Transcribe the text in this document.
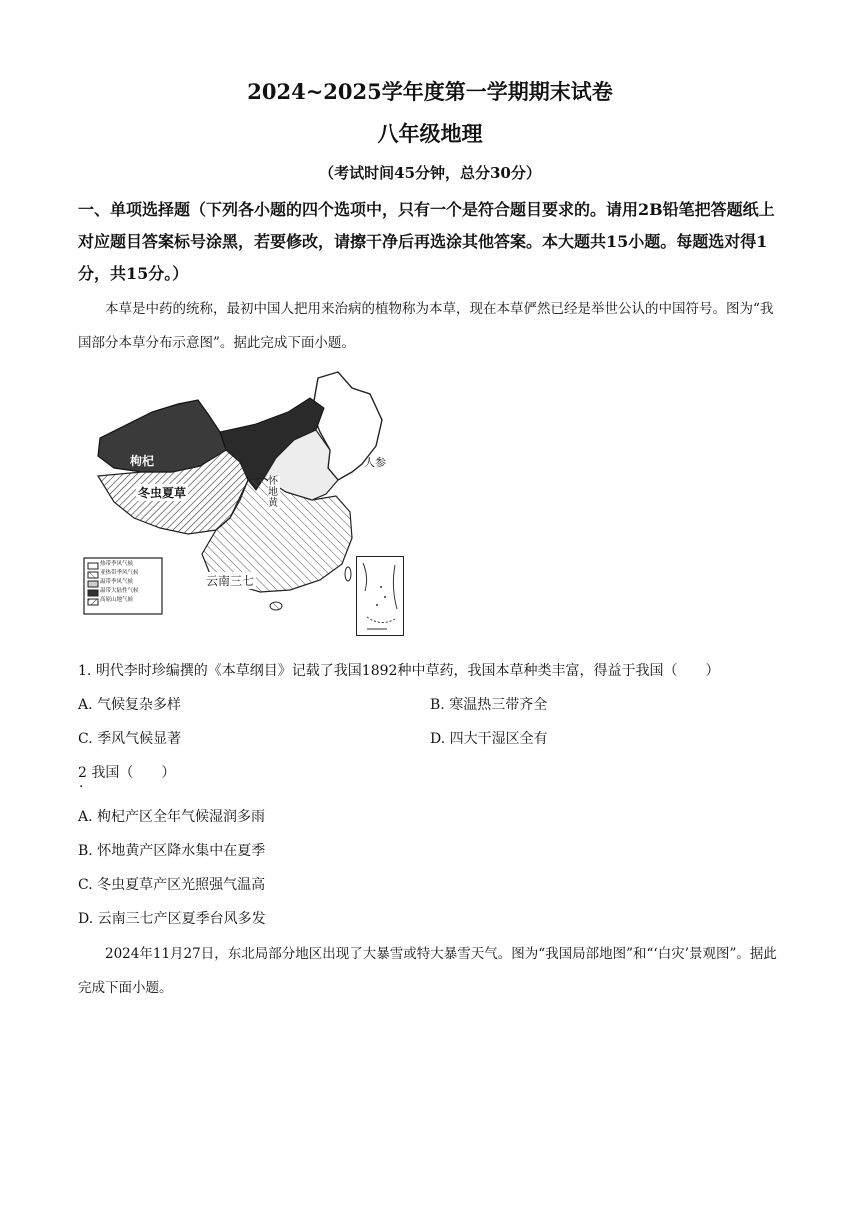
2024~2025学年度第一学期期末试卷
八年级地理
（考试时间45分钟，总分30分）
一、单项选择题（下列各小题的四个选项中，只有一个是符合题目要求的。请用2B铅笔把答题纸上对应题目答案标号涂黑，若要修改，请擦干净后再选涂其他答案。本大题共15小题。每题选对得1分，共15分。）
本草是中药的统称，最初中国人把用来治病的植物称为本草，现在本草俨然已经是举世公认的中国符号。图为“我国部分本草分布示意图”。据此完成下面小题。
热带季风气候
亚热带季风气候
温带季风气候
温带大陆性气候
高原山地气候
枸杞
冬虫夏草
人参
怀地黄
云南三七
1. 明代李时珍编撰的《本草纲目》记载了我国1892种中草药，我国本草种类丰富，得益于我国（　　）
A. 气候复杂多样	B. 寒温热三带齐全
C. 季风气候显著	D. 四大干湿区全有
2 我国（　　）
·
A. 枸杞产区全年气候湿润多雨
B. 怀地黄产区降水集中在夏季
C. 冬虫夏草产区光照强气温高
D. 云南三七产区夏季台风多发
2024年11月27日，东北局部分地区出现了大暴雪或特大暴雪天气。图为“我国局部地图”和“‘白灾’景观图”。据此完成下面小题。
